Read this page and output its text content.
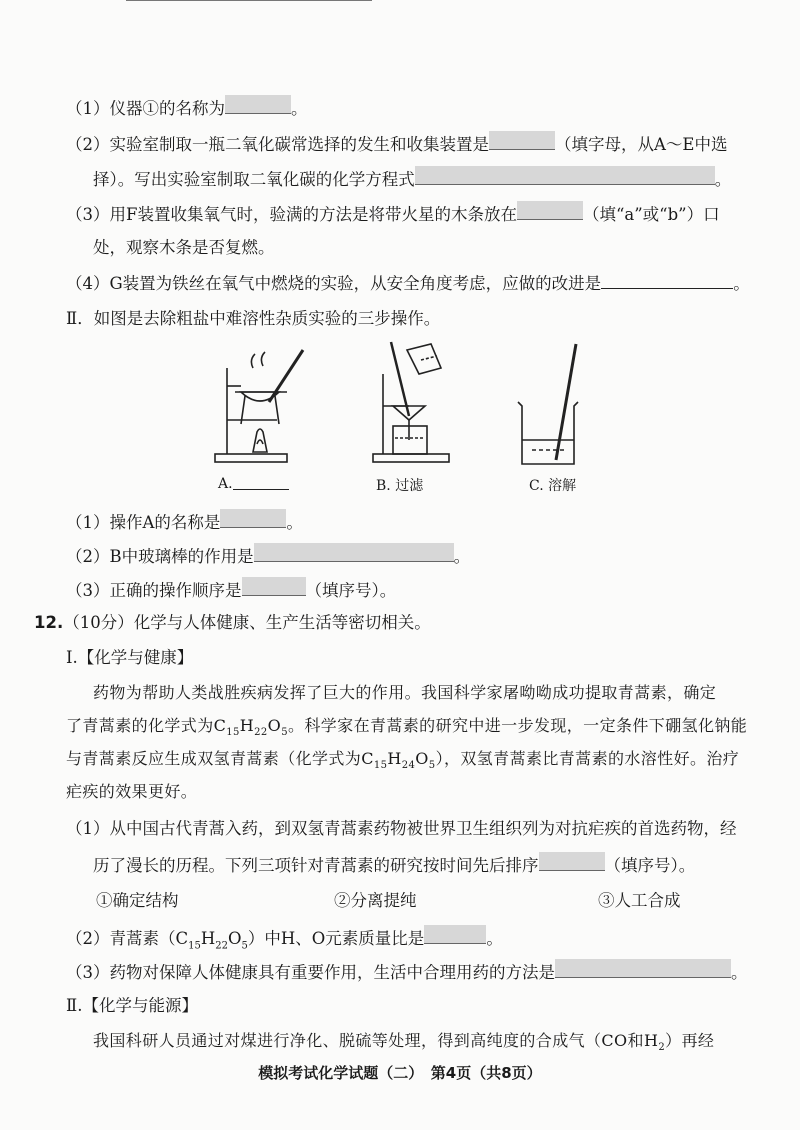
（1）仪器①的名称为	。
（2）实验室制取一瓶二氧化碳常选择的发生和收集装置是	（填字母，从A～E中选
择）。写出实验室制取二氧化碳的化学方程式	。
（3）用F装置收集氧气时，验满的方法是将带火星的木条放在	（填“a”或“b”）口
处，观察木条是否复燃。
（4）G装置为铁丝在氧气中燃烧的实验，从安全角度考虑，应做的改进是	。
Ⅱ．如图是去除粗盐中难溶性杂质实验的三步操作。
A.	B. 过滤	C. 溶解
（1）操作A的名称是	。
（2）B中玻璃棒的作用是	。
（3）正确的操作顺序是	（填序号）。
12.（10分）化学与人体健康、生产生活等密切相关。
Ⅰ.【化学与健康】
药物为帮助人类战胜疾病发挥了巨大的作用。我国科学家屠呦呦成功提取青蒿素，确定
了青蒿素的化学式为$C_{15}H_{22}O_5$。科学家在青蒿素的研究中进一步发现，一定条件下硼氢化钠能
与青蒿素反应生成双氢青蒿素（化学式为$C_{15}H_{24}O_5$），双氢青蒿素比青蒿素的水溶性好。治疗
疟疾的效果更好。
（1）从中国古代青蒿入药，到双氢青蒿素药物被世界卫生组织列为对抗疟疾的首选药物，经
历了漫长的历程。下列三项针对青蒿素的研究按时间先后排序	（填序号）。
①确定结构	②分离提纯	③人工合成
（2）青蒿素$(C_{15}H_{22}O_5)$中H、O元素质量比是	。
（3）药物对保障人体健康具有重要作用，生活中合理用药的方法是	。
Ⅱ.【化学与能源】
我国科研人员通过对煤进行净化、脱硫等处理，得到高纯度的合成气（CO和$H_2$）再经
模拟考试化学试题（二）　第4页（共8页）
